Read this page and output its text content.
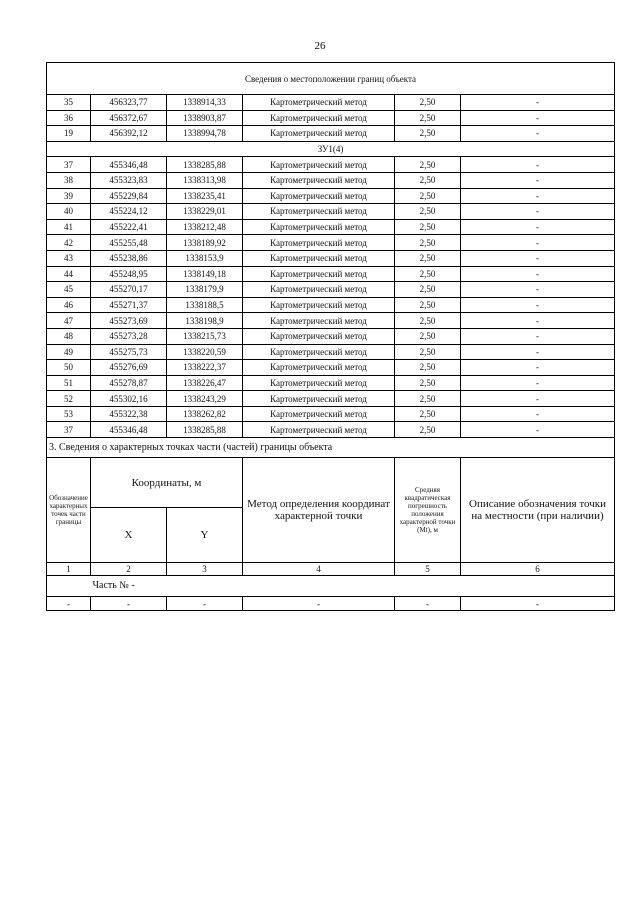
26
Сведения о местоположении границ объекта					
35	456323,77	1338914,33	Картометрический метод	2,50	-
36	456372,67	1338903,87	Картометрический метод	2,50	-
19	456392,12	1338994,78	Картометрический метод	2,50	-
ЗУ1(4)					
37	455346,48	1338285,88	Картометрический метод	2,50	-
38	455323,83	1338313,98	Картометрический метод	2,50	-
39	455229,84	1338235,41	Картометрический метод	2,50	-
40	455224,12	1338229,01	Картометрический метод	2,50	-
41	455222,41	1338212,48	Картометрический метод	2,50	-
42	455255,48	1338189,92	Картометрический метод	2,50	-
43	455238,86	1338153,9	Картометрический метод	2,50	-
44	455248,95	1338149,18	Картометрический метод	2,50	-
45	455270,17	1338179,9	Картометрический метод	2,50	-
46	455271,37	1338188,5	Картометрический метод	2,50	-
47	455273,69	1338198,9	Картометрический метод	2,50	-
48	455273,28	1338215,73	Картометрический метод	2,50	-
49	455275,73	1338220,59	Картометрический метод	2,50	-
50	455276,69	1338222,37	Картометрический метод	2,50	-
51	455278,87	1338226,47	Картометрический метод	2,50	-
52	455302,16	1338243,29	Картометрический метод	2,50	-
53	455322,38	1338262,82	Картометрический метод	2,50	-
37	455346,48	1338285,88	Картометрический метод	2,50	-
3. Сведения о характерных точках части (частей) границы объекта					
Обозначение характерных точек части границы	Координаты, м		Метод определения координат характерной точки	Средняя квадратическая погрешность положения характерной точки (Мt), м	Описание обозначения точки на местности (при наличии)
	X	Y			
1	2	3	4	5	6
	Часть № -				
-	-	-	-	-	-
